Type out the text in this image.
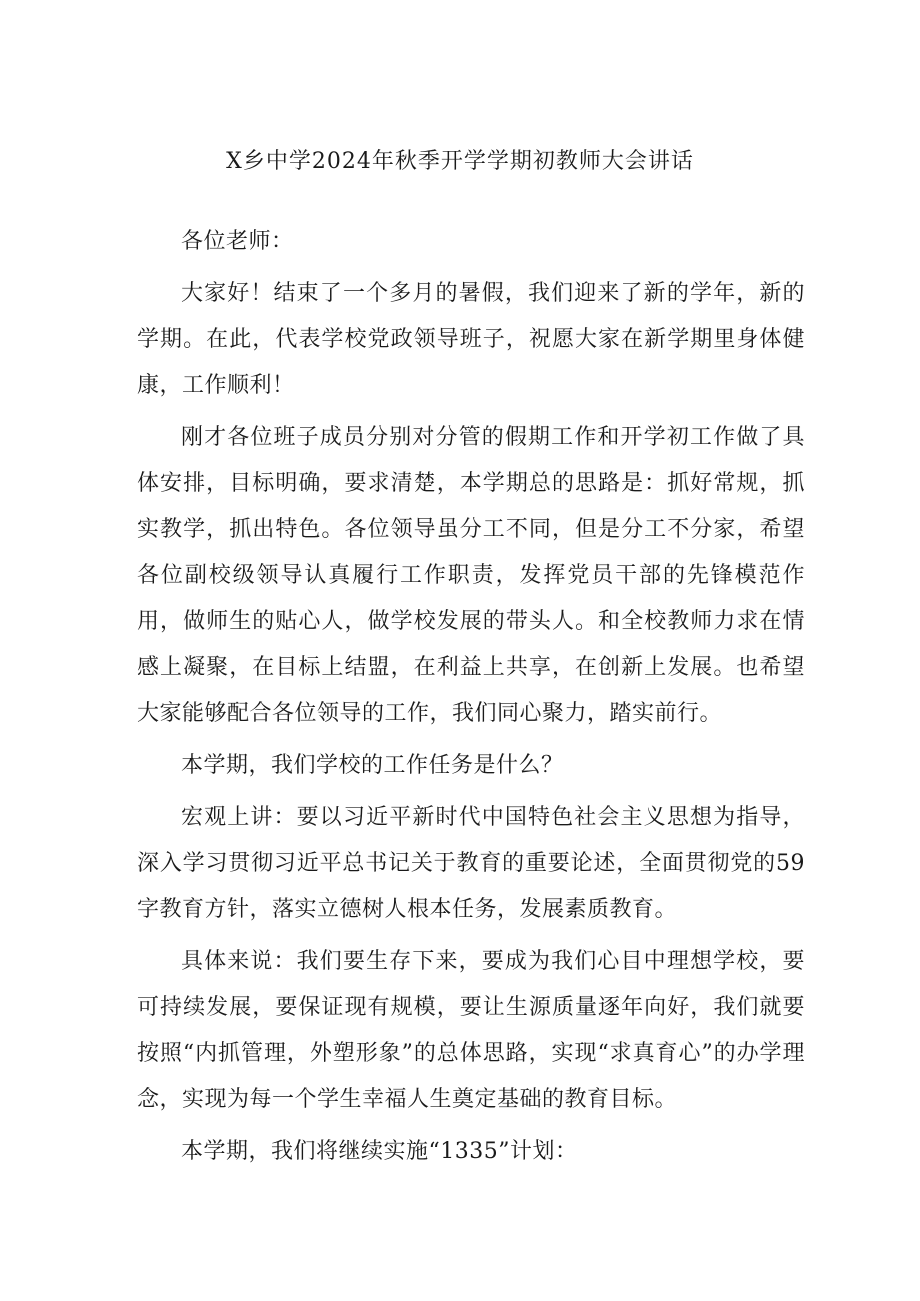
X乡中学2024年秋季开学学期初教师大会讲话

各位老师：

大家好！结束了一个多月的暑假，我们迎来了新的学年，新的学期。在此，代表学校党政领导班子，祝愿大家在新学期里身体健康，工作顺利！

刚才各位班子成员分别对分管的假期工作和开学初工作做了具体安排，目标明确，要求清楚，本学期总的思路是：抓好常规，抓实教学，抓出特色。各位领导虽分工不同，但是分工不分家，希望各位副校级领导认真履行工作职责，发挥党员干部的先锋模范作用，做师生的贴心人，做学校发展的带头人。和全校教师力求在情感上凝聚，在目标上结盟，在利益上共享，在创新上发展。也希望大家能够配合各位领导的工作，我们同心聚力，踏实前行。

本学期，我们学校的工作任务是什么？

宏观上讲：要以习近平新时代中国特色社会主义思想为指导，深入学习贯彻习近平总书记关于教育的重要论述，全面贯彻党的59字教育方针，落实立德树人根本任务，发展素质教育。

具体来说：我们要生存下来，要成为我们心目中理想学校，要可持续发展，要保证现有规模，要让生源质量逐年向好，我们就要按照“内抓管理，外塑形象”的总体思路，实现“求真育心”的办学理念，实现为每一个学生幸福人生奠定基础的教育目标。

本学期，我们将继续实施“1335”计划：
